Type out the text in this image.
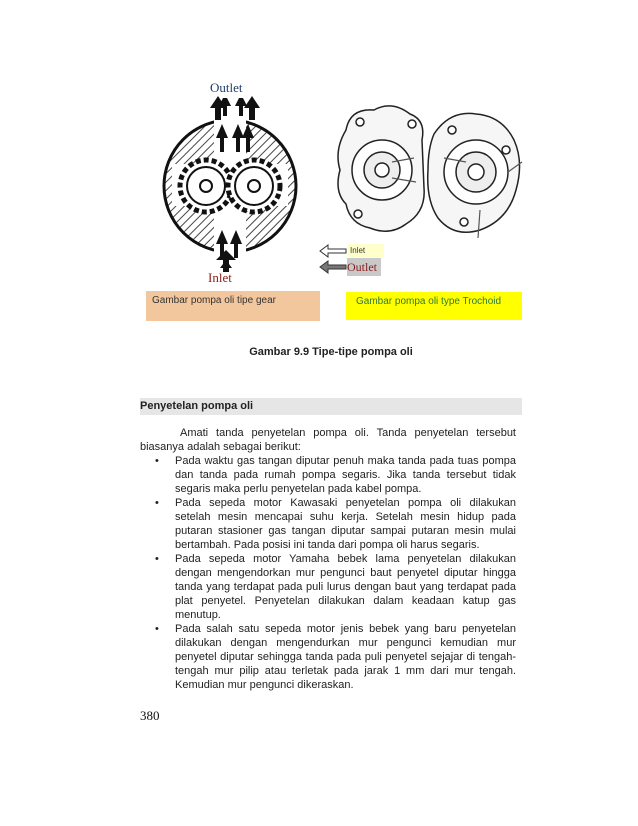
Outlet
Inlet
Inlet
Outlet
Gambar pompa oli tipe gear	Gambar pompa oli type Trochoid
Gambar 9.9 Tipe-tipe pompa oli
Penyetelan pompa oli
Amati tanda penyetelan pompa oli. Tanda penyetelan tersebut biasanya adalah sebagai berikut:
• Pada waktu gas tangan diputar penuh maka tanda pada tuas pompa dan tanda pada rumah pompa segaris. Jika tanda tersebut tidak segaris maka perlu penyetelan pada kabel pompa.
• Pada sepeda motor Kawasaki penyetelan pompa oli dilakukan setelah mesin mencapai suhu kerja. Setelah mesin hidup pada putaran stasioner gas tangan diputar sampai putaran mesin mulai bertambah. Pada posisi ini tanda dari pompa oli harus segaris.
• Pada sepeda motor Yamaha bebek lama penyetelan dilakukan dengan mengendorkan mur pengunci baut penyetel diputar hingga tanda yang terdapat pada puli lurus dengan baut yang terdapat pada plat penyetel. Penyetelan dilakukan dalam keadaan katup gas menutup.
• Pada salah satu sepeda motor jenis bebek yang baru penyetelan dilakukan dengan mengendurkan mur pengunci kemudian mur penyetel diputar sehingga tanda pada puli penyetel sejajar di tengah-tengah mur pilip atau terletak pada jarak 1 mm dari mur tengah. Kemudian mur pengunci dikeraskan.
380
